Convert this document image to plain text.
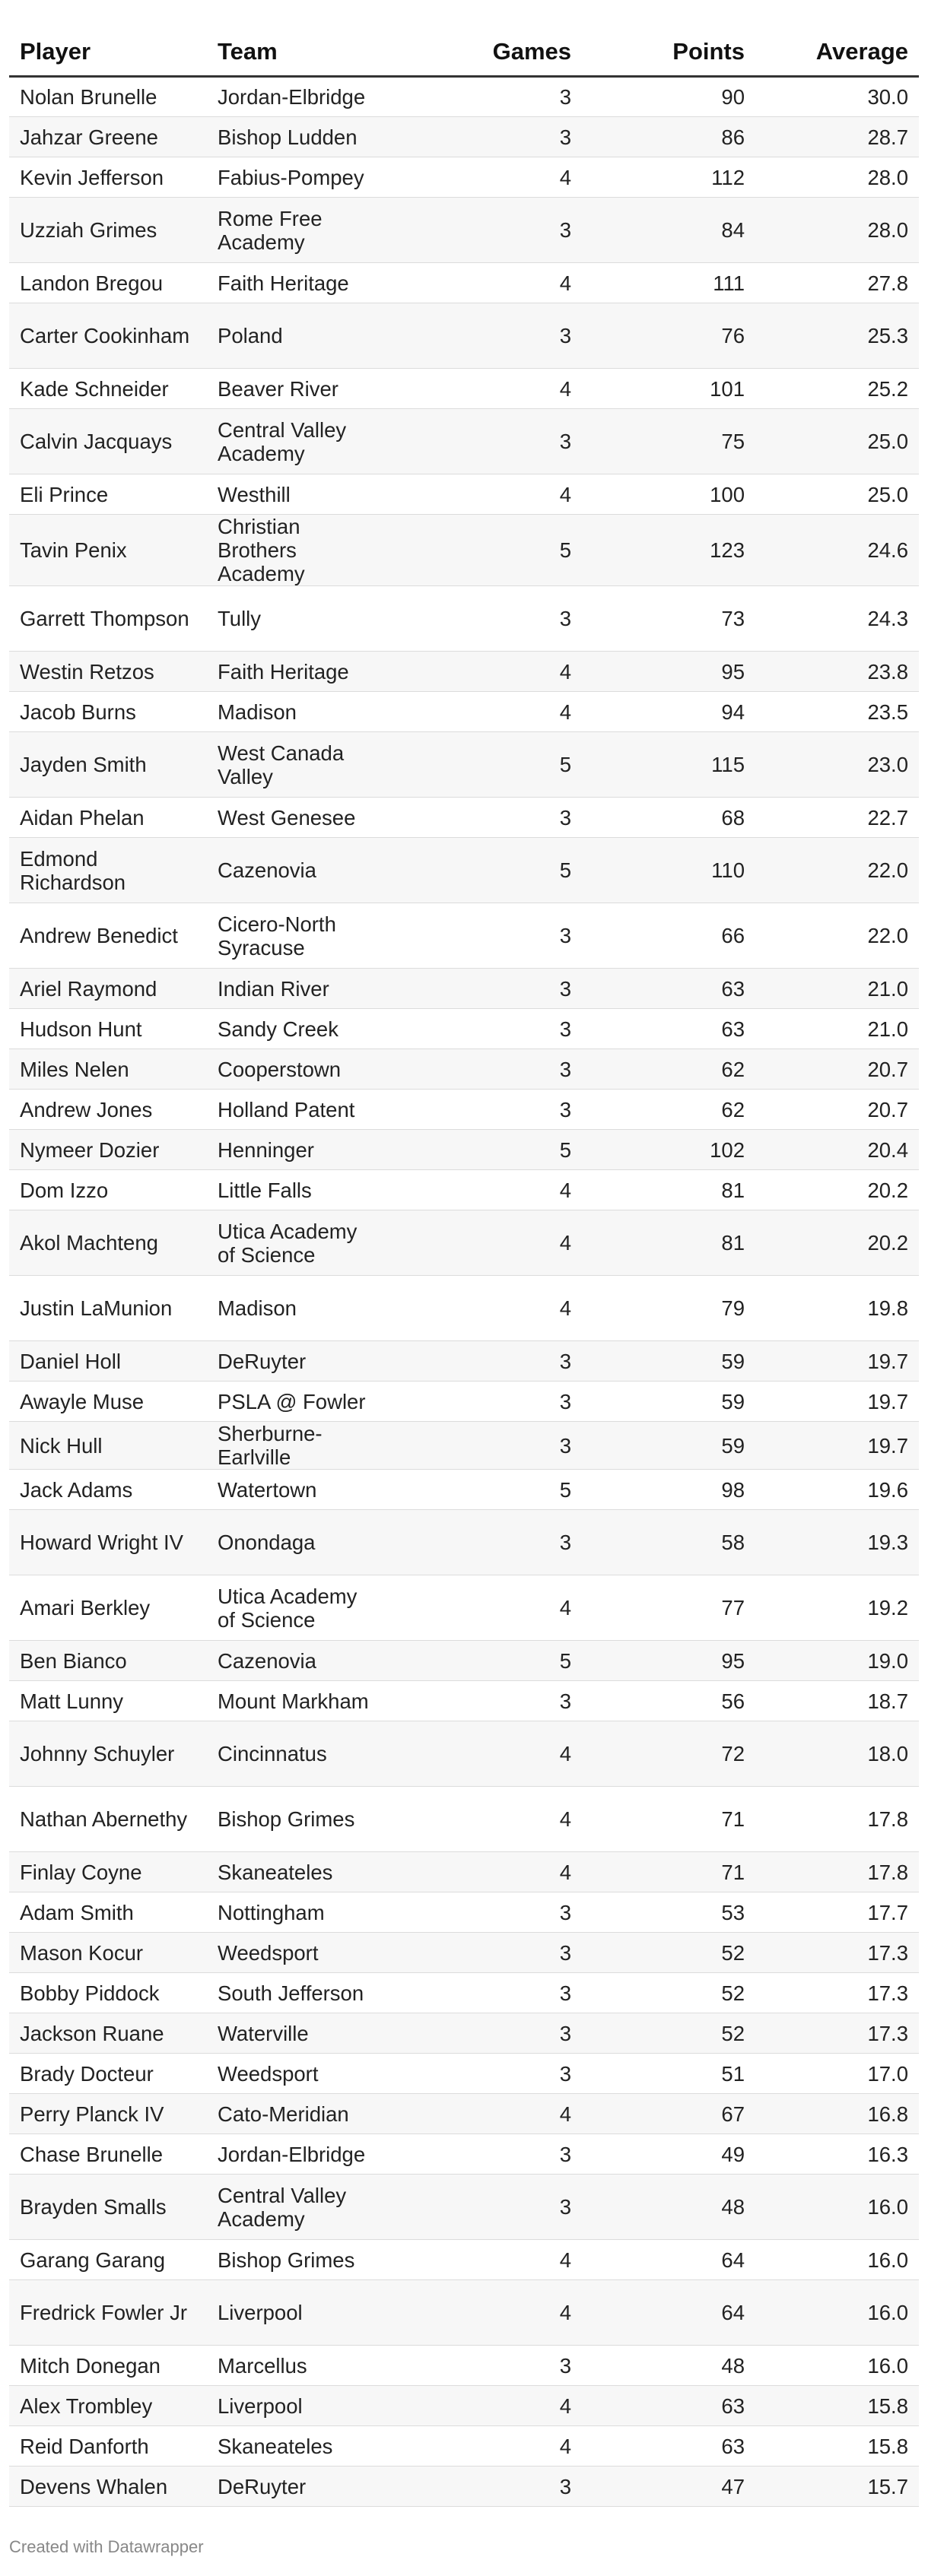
Player	Team	Games	Points	Average
Nolan Brunelle	Jordan-Elbridge	3	90	30.0
Jahzar Greene	Bishop Ludden	3	86	28.7
Kevin Jefferson	Fabius-Pompey	4	112	28.0
Uzziah Grimes	Rome Free Academy	3	84	28.0
Landon Bregou	Faith Heritage	4	111	27.8
Carter Cookinham	Poland	3	76	25.3
Kade Schneider	Beaver River	4	101	25.2
Calvin Jacquays	Central Valley Academy	3	75	25.0
Eli Prince	Westhill	4	100	25.0
Tavin Penix	Christian Brothers Academy	5	123	24.6
Garrett Thompson	Tully	3	73	24.3
Westin Retzos	Faith Heritage	4	95	23.8
Jacob Burns	Madison	4	94	23.5
Jayden Smith	West Canada Valley	5	115	23.0
Aidan Phelan	West Genesee	3	68	22.7
Edmond Richardson	Cazenovia	5	110	22.0
Andrew Benedict	Cicero-North Syracuse	3	66	22.0
Ariel Raymond	Indian River	3	63	21.0
Hudson Hunt	Sandy Creek	3	63	21.0
Miles Nelen	Cooperstown	3	62	20.7
Andrew Jones	Holland Patent	3	62	20.7
Nymeer Dozier	Henninger	5	102	20.4
Dom Izzo	Little Falls	4	81	20.2
Akol Machteng	Utica Academy of Science	4	81	20.2
Justin LaMunion	Madison	4	79	19.8
Daniel Holl	DeRuyter	3	59	19.7
Awayle Muse	PSLA @ Fowler	3	59	19.7
Nick Hull	Sherburne-Earlville	3	59	19.7
Jack Adams	Watertown	5	98	19.6
Howard Wright IV	Onondaga	3	58	19.3
Amari Berkley	Utica Academy of Science	4	77	19.2
Ben Bianco	Cazenovia	5	95	19.0
Matt Lunny	Mount Markham	3	56	18.7
Johnny Schuyler	Cincinnatus	4	72	18.0
Nathan Abernethy	Bishop Grimes	4	71	17.8
Finlay Coyne	Skaneateles	4	71	17.8
Adam Smith	Nottingham	3	53	17.7
Mason Kocur	Weedsport	3	52	17.3
Bobby Piddock	South Jefferson	3	52	17.3
Jackson Ruane	Waterville	3	52	17.3
Brady Docteur	Weedsport	3	51	17.0
Perry Planck IV	Cato-Meridian	4	67	16.8
Chase Brunelle	Jordan-Elbridge	3	49	16.3
Brayden Smalls	Central Valley Academy	3	48	16.0
Garang Garang	Bishop Grimes	4	64	16.0
Fredrick Fowler Jr	Liverpool	4	64	16.0
Mitch Donegan	Marcellus	3	48	16.0
Alex Trombley	Liverpool	4	63	15.8
Reid Danforth	Skaneateles	4	63	15.8
Devens Whalen	DeRuyter	3	47	15.7
Created with Datawrapper
